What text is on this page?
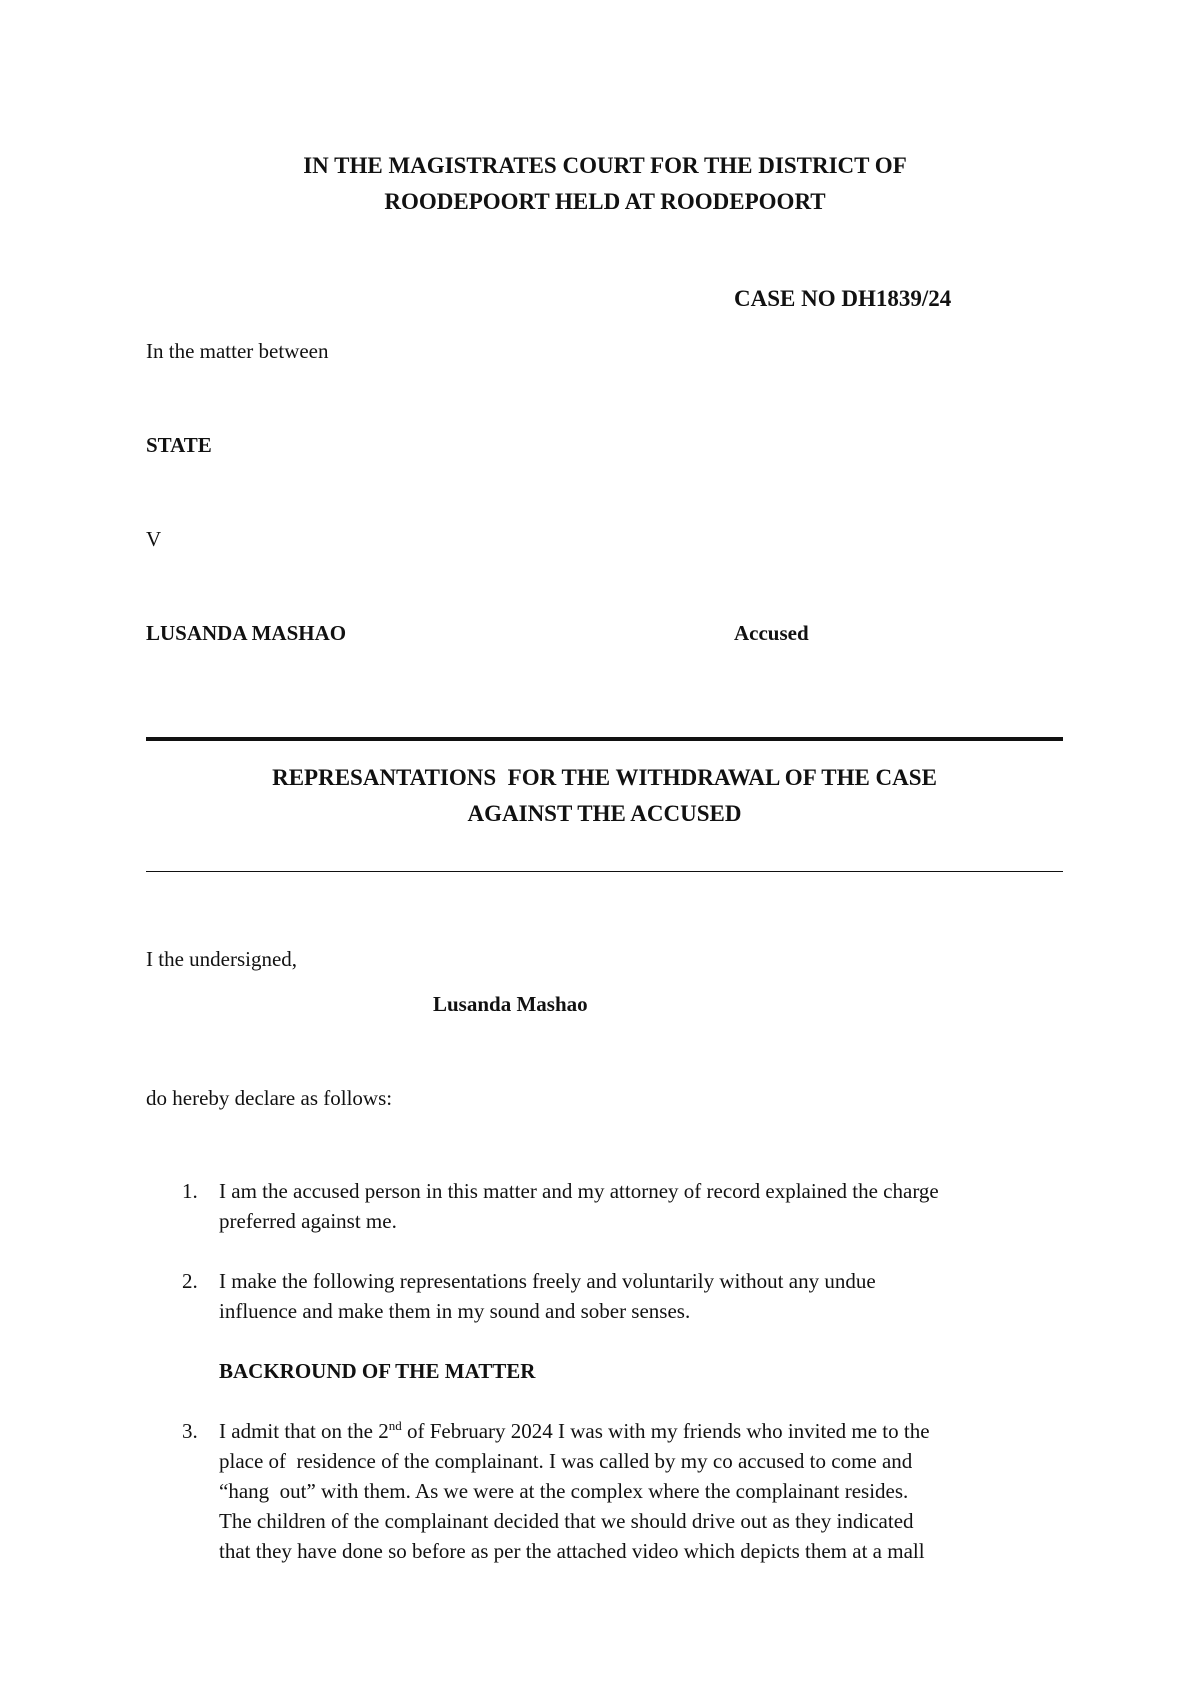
IN THE MAGISTRATES COURT FOR THE DISTRICT OF
ROODEPOORT HELD AT ROODEPOORT
CASE NO DH1839/24
In the matter between
STATE
V
LUSANDA MASHAO	Accused
REPRESANTATIONS  FOR THE WITHDRAWAL OF THE CASE
AGAINST THE ACCUSED
I the undersigned,
Lusanda Mashao
do hereby declare as follows:
1. I am the accused person in this matter and my attorney of record explained the charge
preferred against me.
2. I make the following representations freely and voluntarily without any undue
influence and make them in my sound and sober senses.
BACKROUND OF THE MATTER
3. I admit that on the 2nd of February 2024 I was with my friends who invited me to the
place of  residence of the complainant. I was called by my co accused to come and
“hang  out” with them. As we were at the complex where the complainant resides.
The children of the complainant decided that we should drive out as they indicated
that they have done so before as per the attached video which depicts them at a mall
